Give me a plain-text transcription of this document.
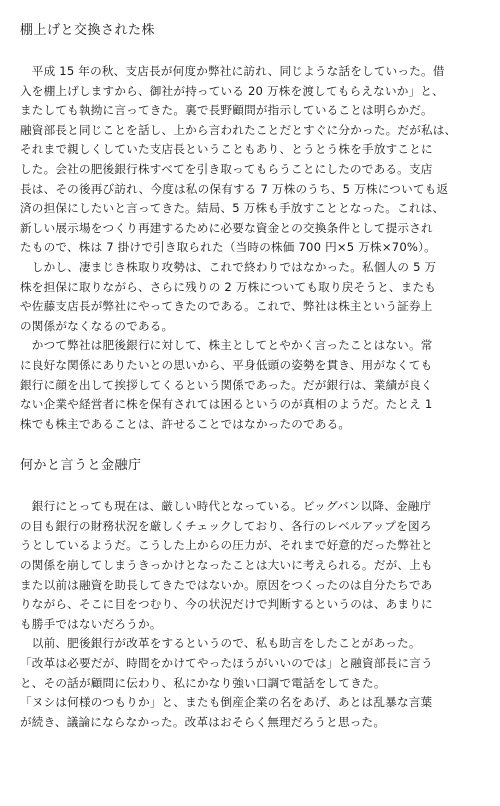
棚上げと交換された株

　平成 15 年の秋、支店長が何度か弊社に訪れ、同じような話をしていった。借

入を棚上げしますから、御社が持っている 20 万株を渡してもらえないか」と、

またしても執拗に言ってきた。裏で長野顧問が指示していることは明らかだ。

融資部長と同じことを話し、上から言われたことだとすぐに分かった。だが私は、

それまで親しくしていた支店長ということもあり、とうとう株を手放すことに

した。会社の肥後銀行株すべてを引き取ってもらうことにしたのである。支店

長は、その後再び訪れ、今度は私の保有する 7 万株のうち、5 万株についても返

済の担保にしたいと言ってきた。結局、5 万株も手放すこととなった。これは、

新しい展示場をつくり再建するために必要な資金との交換条件として提示され

たもので、株は 7 掛けで引き取られた（当時の株価 700 円×5 万株×70%）。

　しかし、凄まじき株取り攻勢は、これで終わりではなかった。私個人の 5 万

株を担保に取りながら、さらに残りの 2 万株についても取り戻そうと、またも

や佐藤支店長が弊社にやってきたのである。これで、弊社は株主という証券上

の関係がなくなるのである。

　かつて弊社は肥後銀行に対して、株主としてとやかく言ったことはない。常

に良好な関係にありたいとの思いから、平身低頭の姿勢を貫き、用がなくても

銀行に顔を出して挨拶してくるという関係であった。だが銀行は、業績が良く

ない企業や経営者に株を保有されては困るというのが真相のようだ。たとえ 1

株でも株主であることは、許せることではなかったのである。

何かと言うと金融庁

　銀行にとっても現在は、厳しい時代となっている。ビッグバン以降、金融庁

の目も銀行の財務状況を厳しくチェックしており、各行のレベルアップを図ろ

うとしているようだ。こうした上からの圧力が、それまで好意的だった弊社と

の関係を崩してしまうきっかけとなったことは大いに考えられる。だが、上も

また以前は融資を助長してきたではないか。原因をつくったのは自分たちであ

りながら、そこに目をつむり、今の状況だけで判断するというのは、あまりに

も勝手ではないだろうか。

　以前、肥後銀行が改革をするというので、私も助言をしたことがあった。

「改革は必要だが、時間をかけてやったほうがいいのでは」と融資部長に言う

と、その話が顧問に伝わり、私にかなり強い口調で電話をしてきた。

「ヌシは何様のつもりか」と、またも倒産企業の名をあげ、あとは乱暴な言葉

が続き、議論にならなかった。改革はおそらく無理だろうと思った。
